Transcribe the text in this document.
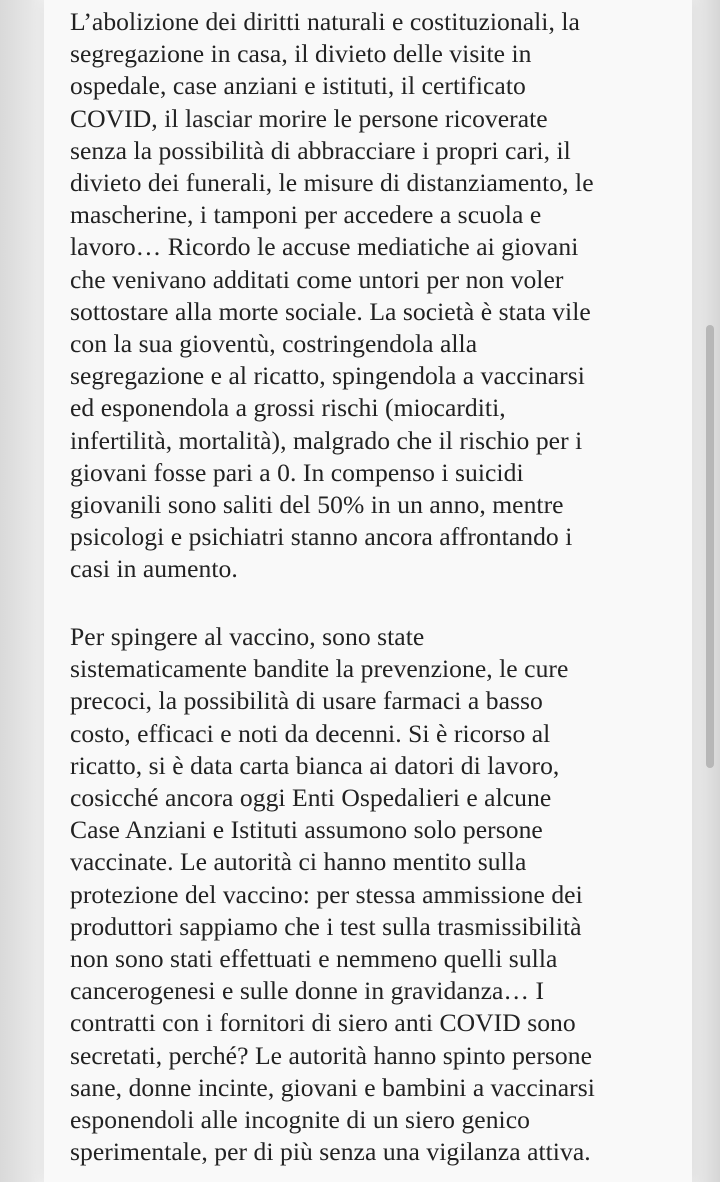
L’abolizione dei diritti naturali e costituzionali, la
segregazione in casa, il divieto delle visite in
ospedale, case anziani e istituti, il certificato
COVID, il lasciar morire le persone ricoverate
senza la possibilità di abbracciare i propri cari, il
divieto dei funerali, le misure di distanziamento, le
mascherine, i tamponi per accedere a scuola e
lavoro… Ricordo le accuse mediatiche ai giovani
che venivano additati come untori per non voler
sottostare alla morte sociale. La società è stata vile
con la sua gioventù, costringendola alla
segregazione e al ricatto, spingendola a vaccinarsi
ed esponendola a grossi rischi (miocarditi,
infertilità, mortalità), malgrado che il rischio per i
giovani fosse pari a 0. In compenso i suicidi
giovanili sono saliti del 50% in un anno, mentre
psicologi e psichiatri stanno ancora affrontando i
casi in aumento.
Per spingere al vaccino, sono state
sistematicamente bandite la prevenzione, le cure
precoci, la possibilità di usare farmaci a basso
costo, efficaci e noti da decenni. Si è ricorso al
ricatto, si è data carta bianca ai datori di lavoro,
cosicché ancora oggi Enti Ospedalieri e alcune
Case Anziani e Istituti assumono solo persone
vaccinate. Le autorità ci hanno mentito sulla
protezione del vaccino: per stessa ammissione dei
produttori sappiamo che i test sulla trasmissibilità
non sono stati effettuati e nemmeno quelli sulla
cancerogenesi e sulle donne in gravidanza… I
contratti con i fornitori di siero anti COVID sono
secretati, perché? Le autorità hanno spinto persone
sane, donne incinte, giovani e bambini a vaccinarsi
esponendoli alle incognite di un siero genico
sperimentale, per di più senza una vigilanza attiva.
